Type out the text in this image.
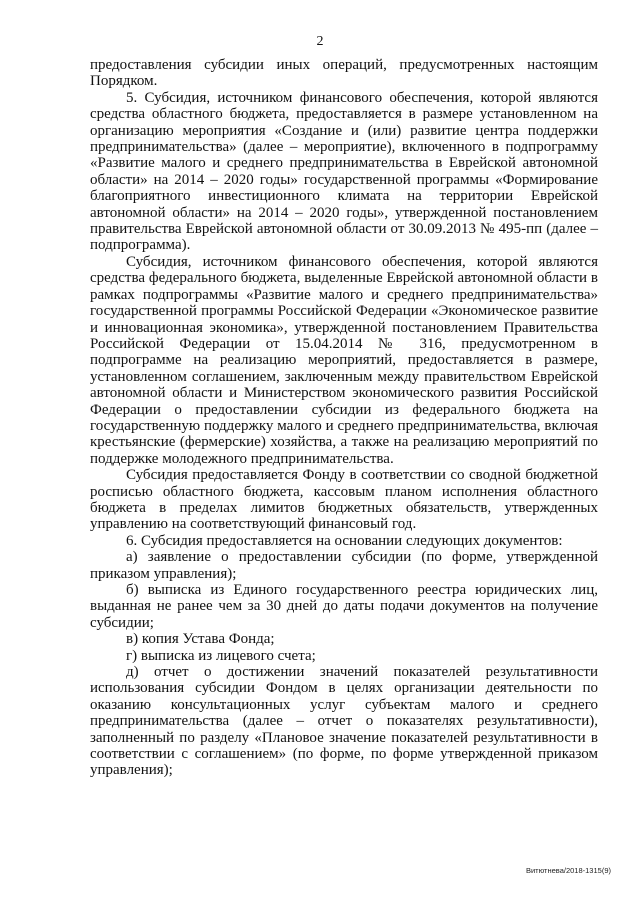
2

предоставления субсидии иных операций, предусмотренных настоящим Порядком.

5. Субсидия, источником финансового обеспечения, которой являются средства областного бюджета, предоставляется в размере установленном на организацию мероприятия «Создание и (или) развитие центра поддержки предпринимательства» (далее – мероприятие), включенного в подпрограмму «Развитие малого и среднего предпринимательства в Еврейской автономной области» на 2014 – 2020 годы» государственной программы «Формирование благоприятного инвестиционного климата на территории Еврейской автономной области» на 2014 – 2020 годы», утвержденной постановлением правительства Еврейской автономной области от 30.09.2013 № 495-пп (далее – подпрограмма).

Субсидия, источником финансового обеспечения, которой являются средства федерального бюджета, выделенные Еврейской автономной области в рамках подпрограммы «Развитие малого и среднего предпринимательства» государственной программы Российской Федерации «Экономическое развитие и инновационная экономика», утвержденной постановлением Правительства Российской Федерации от 15.04.2014 № 316, предусмотренном в подпрограмме на реализацию мероприятий, предоставляется в размере, установленном соглашением, заключенным между правительством Еврейской автономной области и Министерством экономического развития Российской Федерации о предоставлении субсидии из федерального бюджета на государственную поддержку малого и среднего предпринимательства, включая крестьянские (фермерские) хозяйства, а также на реализацию мероприятий по поддержке молодежного предпринимательства.

Субсидия предоставляется Фонду в соответствии со сводной бюджетной росписью областного бюджета, кассовым планом исполнения областного бюджета в пределах лимитов бюджетных обязательств, утвержденных управлению на соответствующий финансовый год.

6. Субсидия предоставляется на основании следующих документов:

а) заявление о предоставлении субсидии (по форме, утвержденной приказом управления);

б) выписка из Единого государственного реестра юридических лиц, выданная не ранее чем за 30 дней до даты подачи документов на получение субсидии;

в) копия Устава Фонда;

г) выписка из лицевого счета;

д) отчет о достижении значений показателей результативности использования субсидии Фондом в целях организации деятельности по оказанию консультационных услуг субъектам малого и среднего предпринимательства (далее – отчет о показателях результативности), заполненный по разделу «Плановое значение показателей результативности в соответствии с соглашением» (по форме, по форме утвержденной приказом управления);

Витютнева/2018-1315(9)
